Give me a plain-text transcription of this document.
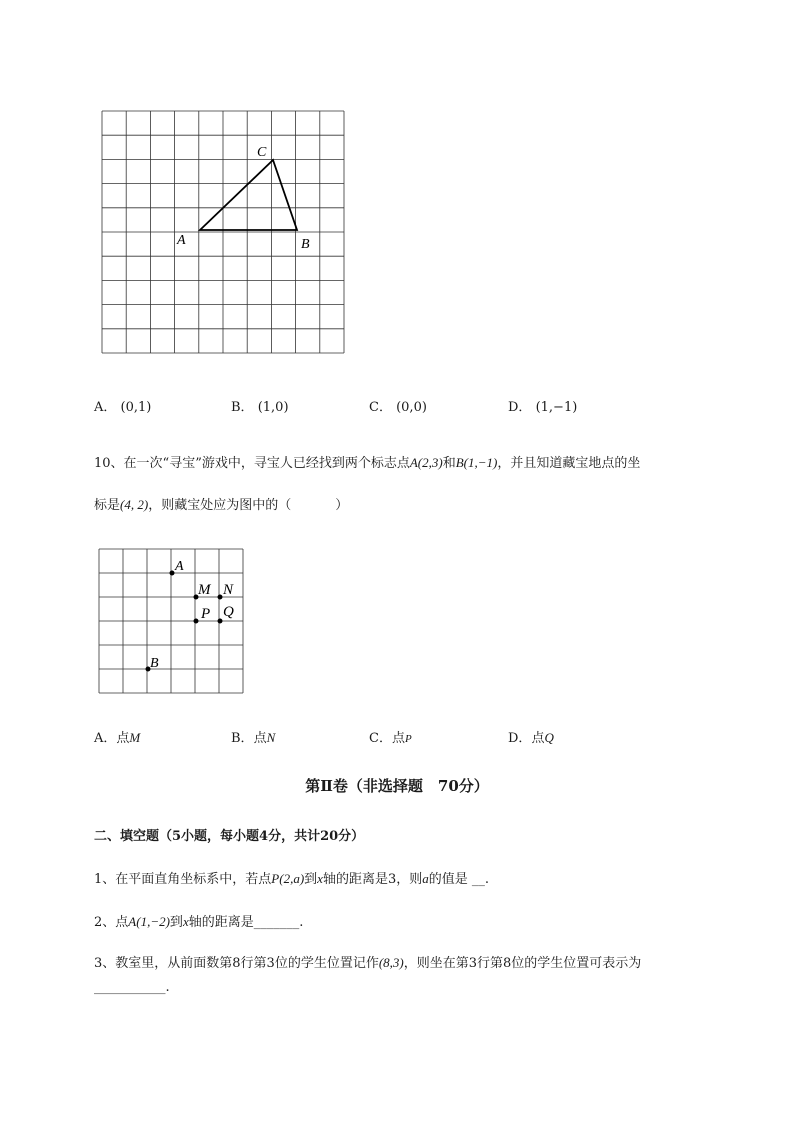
C
A	B
A． (0,1)	B． (1,0)	C． (0,0)	D． (1,−1)
10、在一次“寻宝”游戏中，寻宝人已经找到两个标志点A(2,3)和B(1,−1)，并且知道藏宝地点的坐
标是(4, 2)，则藏宝处应为图中的（	）
A
M N
P Q
B
A．点M	B．点N	C．点P	D．点Q
第Ⅱ卷（非选择题　70分）
二、填空题（5小题，每小题4分，共计20分）
1、在平面直角坐标系中，若点P(2,a)到x轴的距离是3，则a的值是 __.
2、点A(1,−2)到x轴的距离是_______.
3、教室里，从前面数第8行第3位的学生位置记作(8,3)，则坐在第3行第8位的学生位置可表示为
___________.
